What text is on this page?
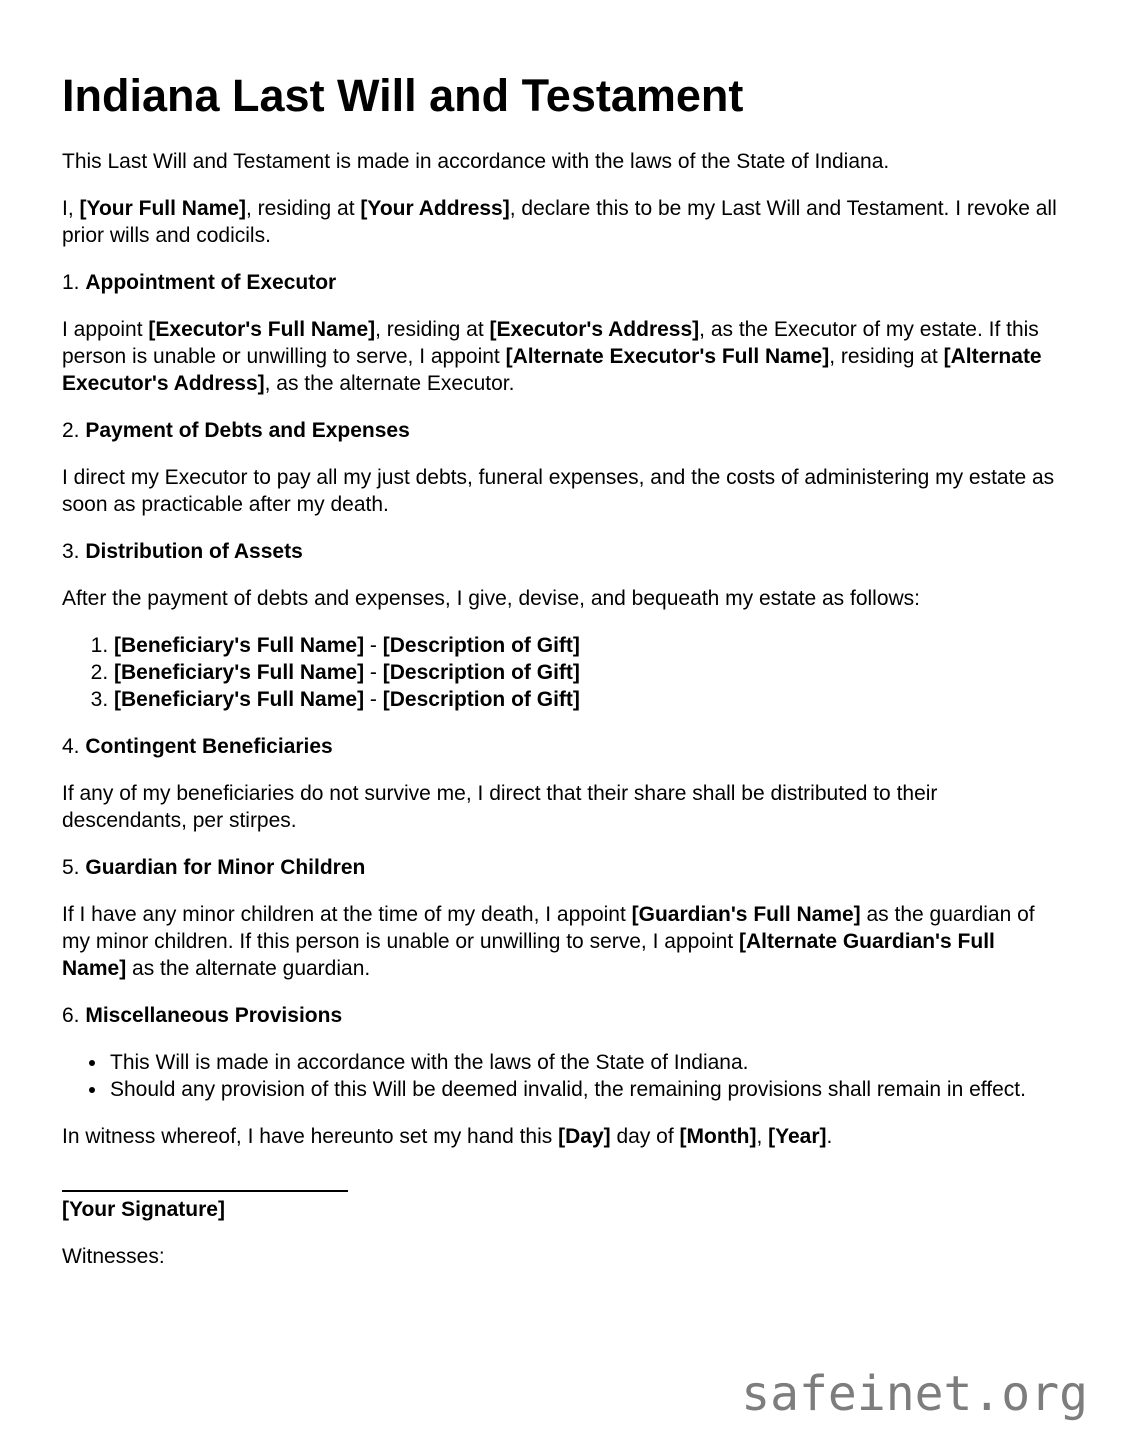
Indiana Last Will and Testament

This Last Will and Testament is made in accordance with the laws of the State of Indiana.

I, [Your Full Name], residing at [Your Address], declare this to be my Last Will and Testament. I revoke all prior wills and codicils.

1. Appointment of Executor

I appoint [Executor's Full Name], residing at [Executor's Address], as the Executor of my estate. If this person is unable or unwilling to serve, I appoint [Alternate Executor's Full Name], residing at [Alternate Executor's Address], as the alternate Executor.

2. Payment of Debts and Expenses

I direct my Executor to pay all my just debts, funeral expenses, and the costs of administering my estate as soon as practicable after my death.

3. Distribution of Assets

After the payment of debts and expenses, I give, devise, and bequeath my estate as follows:

1. [Beneficiary's Full Name] - [Description of Gift]
2. [Beneficiary's Full Name] - [Description of Gift]
3. [Beneficiary's Full Name] - [Description of Gift]

4. Contingent Beneficiaries

If any of my beneficiaries do not survive me, I direct that their share shall be distributed to their descendants, per stirpes.

5. Guardian for Minor Children

If I have any minor children at the time of my death, I appoint [Guardian's Full Name] as the guardian of my minor children. If this person is unable or unwilling to serve, I appoint [Alternate Guardian's Full Name] as the alternate guardian.

6. Miscellaneous Provisions

• This Will is made in accordance with the laws of the State of Indiana.
• Should any provision of this Will be deemed invalid, the remaining provisions shall remain in effect.

In witness whereof, I have hereunto set my hand this [Day] day of [Month], [Year].

[Your Signature]

Witnesses:

safeinet.org
